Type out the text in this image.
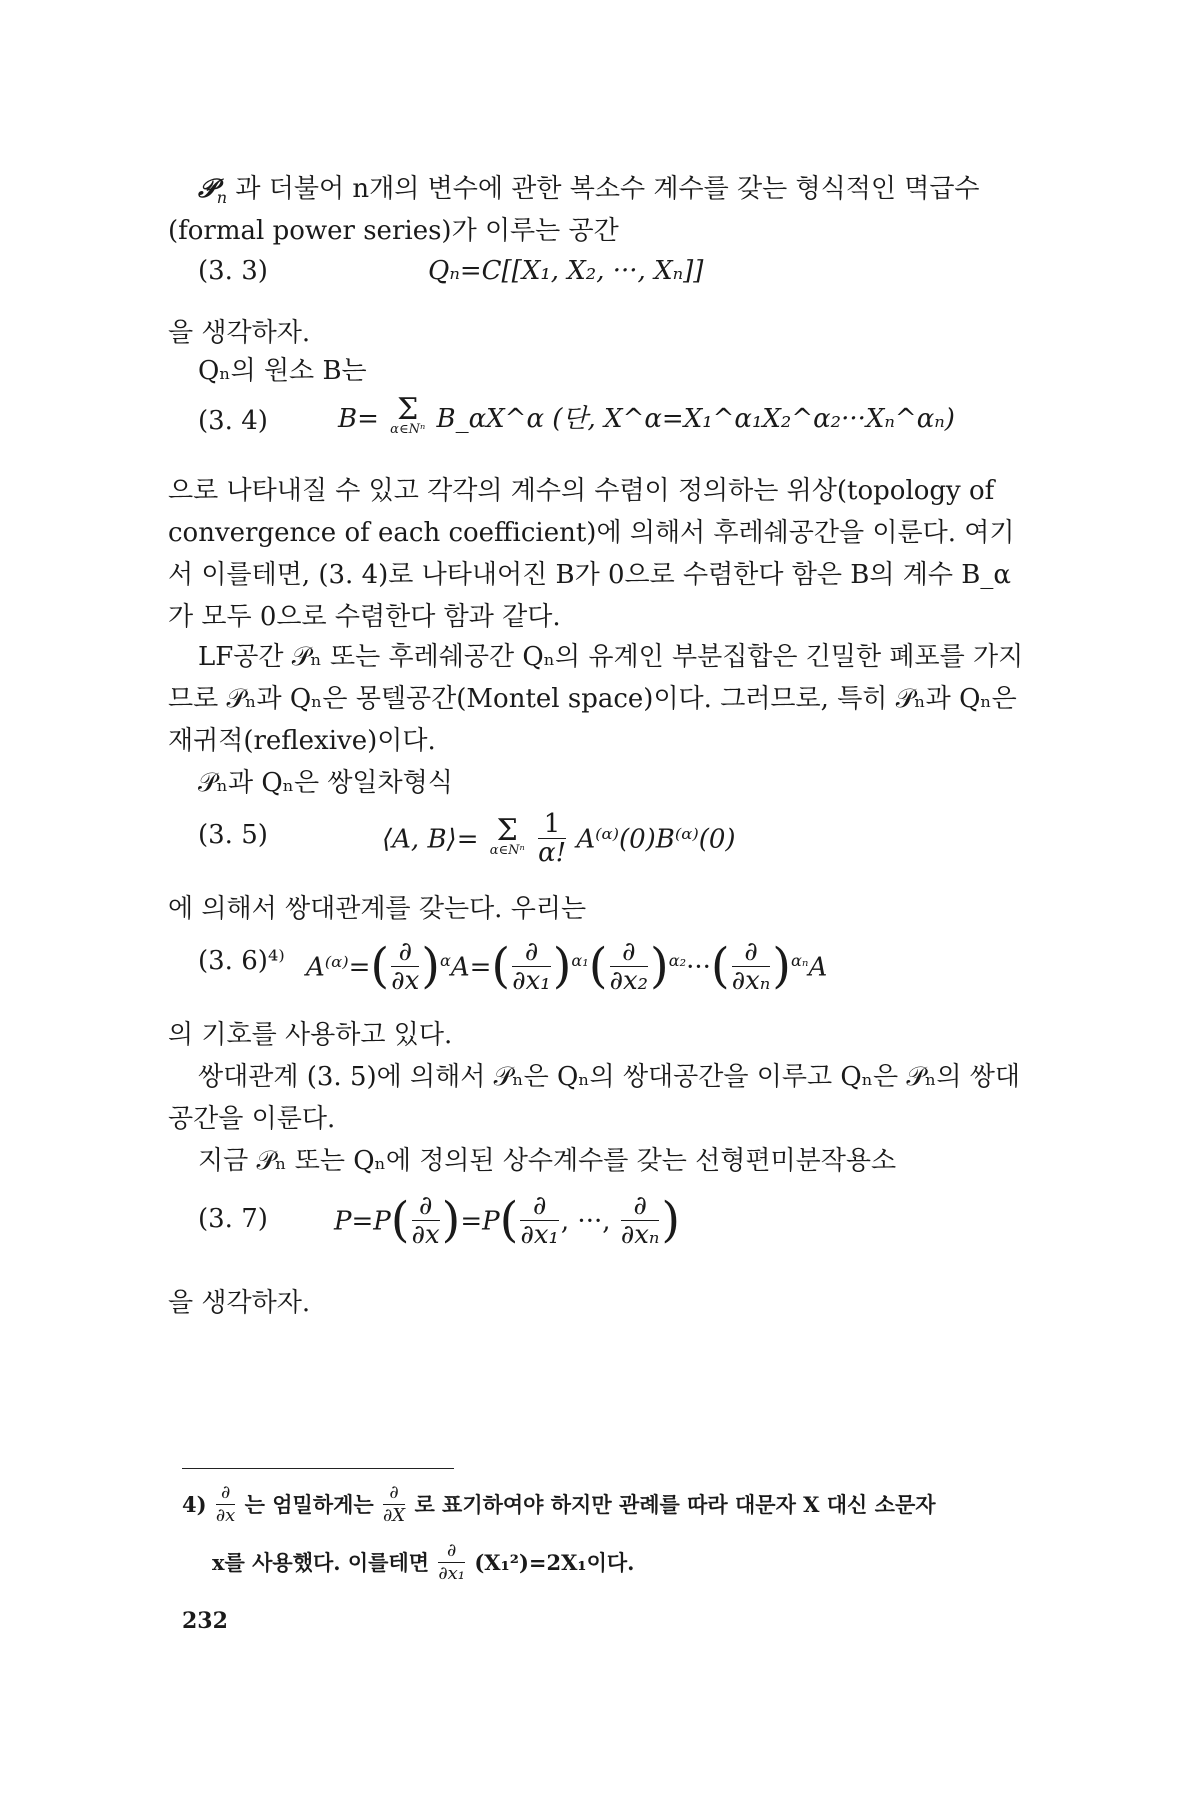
𝒫$_n$ 과 더불어 n개의 변수에 관한 복소수 계수를 갖는 형식적인 멱급수(formal power series)가 이루는 공간

(3. 3)	Qₙ=C[[X₁, X₂, ···, Xₙ]]

을 생각하자.

Qₙ의 원소 B는

(3. 4)	B= Σ
α∈Nⁿ B_αX^α (단, X^α=X₁^α₁X₂^α₂···Xₙ^αₙ)

으로 나타내질 수 있고 각각의 계수의 수렴이 정의하는 위상(topology of convergence of each coefficient)에 의해서 후레쉐공간을 이룬다. 여기서 이를테면, (3. 4)로 나타내어진 B가 0으로 수렴한다 함은 B의 계수 B_α가 모두 0으로 수렴한다 함과 같다.

LF공간 𝒫ₙ 또는 후레쉐공간 Qₙ의 유계인 부분집합은 긴밀한 폐포를 가지므로 𝒫ₙ과 Qₙ은 몽텔공간(Montel space)이다. 그러므로, 특히 𝒫ₙ과 Qₙ은 재귀적(reflexive)이다.

𝒫ₙ과 Qₙ은 쌍일차형식

(3. 5)	⟨A, B⟩= Σ
α∈Nⁿ
$\frac{1}{\alpha!}$ A⁽ᵅ⁾(0)B⁽ᵅ⁾(0)

에 의해서 쌍대관계를 갖는다. 우리는

(3. 6)⁴⁾ A⁽ᵅ⁾=( $\frac{\partial}{\partial x} )^\alpha A=( \frac{\partial}{\text{∂x₁}} )^{\alpha_1}( \frac{\partial}{\text{∂x₂}} )^{\alpha_2}\cdot\cdot\cdot( \frac{\partial}{\text{∂xₙ}} )^{\alpha_n}A$

의 기호를 사용하고 있다.

쌍대관계 (3. 5)에 의해서 𝒫ₙ은 Qₙ의 쌍대공간을 이루고 Qₙ은 𝒫ₙ의 쌍대공간을 이룬다.

지금 𝒫ₙ 또는 Qₙ에 정의된 상수계수를 갖는 선형편미분작용소

(3. 7)	$P=P( \frac{\partial}{\partial x} )=P( \frac{\partial}{\text{∂x₁}}$ , ···, $\frac{\partial}{\text{∂xₙ}}$ )

을 생각하자.

$4) \frac{\partial}{\partial x}$ 는 엄밀하게는 $\frac{\partial}{\partial X}$ 로 표기하여야 하지만 관례를 따라 대문자 X 대신 소문자

x를 사용했다. 이를테면 $\frac{\partial}{\text{∂x₁}} (X_1^2)=2X_1$이다.

232
